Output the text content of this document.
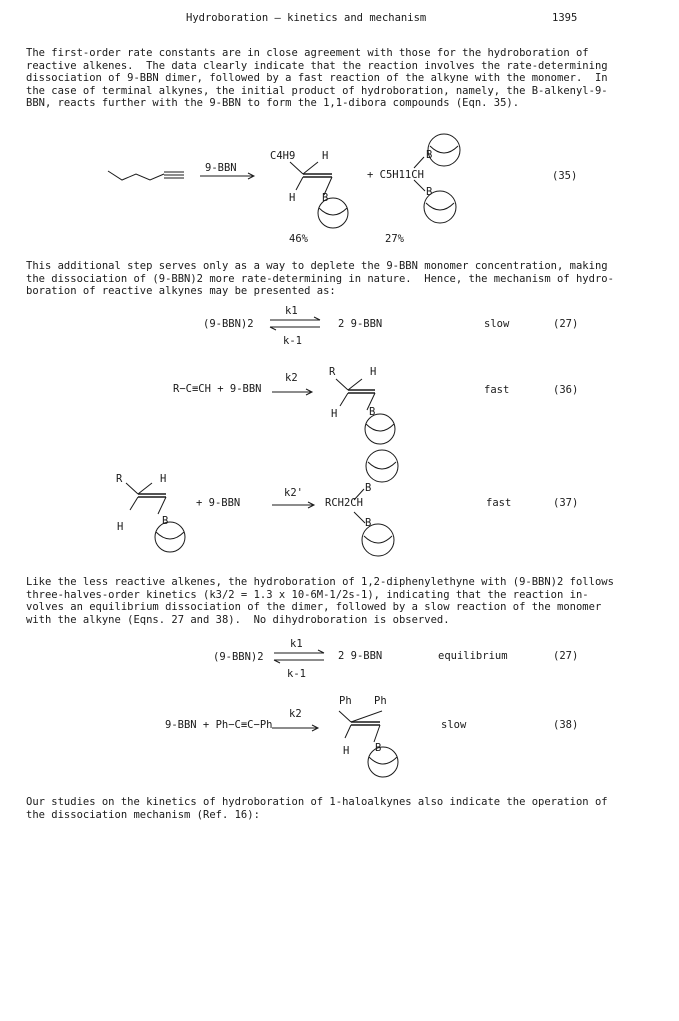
Hydroboration — kinetics and mechanism	1395
The first-order rate constants are in close agreement with those for the hydroboration of
reactive alkenes.  The data clearly indicate that the reaction involves the rate-determining
dissociation of 9-BBN dimer, followed by a fast reaction of the alkyne with the monomer.  In
the case of terminal alkynes, the initial product of hydroboration, namely, the B-alkenyl-9-
BBN, reacts further with the 9-BBN to form the 1,1-dibora compounds (Eqn. 35).
9-BBN
C4H9	H
H	B
+ C5H11CH
B
B
(35)
46%	27%
This additional step serves only as a way to deplete the 9-BBN monomer concentration, making
the dissociation of (9-BBN)2 more rate-determining in nature.  Hence, the mechanism of hydro-
boration of reactive alkynes may be presented as:
(9-BBN)2
k1
k-1
2 9-BBN	slow	(27)
R−C≡CH + 9-BBN
k2	R	H
H	B
fast	(36)
R	H
H	B
+ 9-BBN
k2'
RCH2CH
B
B
fast	(37)
Like the less reactive alkenes, the hydroboration of 1,2-diphenylethyne with (9-BBN)2 follows
three-halves-order kinetics (k3/2 = 1.3 x 10-6M-1/2s-1), indicating that the reaction in-
volves an equilibrium dissociation of the dimer, followed by a slow reaction of the monomer
with the alkyne (Eqns. 27 and 38).  No dihydroboration is observed.
(9-BBN)2
k1
k-1
2 9-BBN	equilibrium	(27)
9-BBN + Ph−C≡C−Ph
k2
Ph Ph
H B
slow	(38)
Our studies on the kinetics of hydroboration of 1-haloalkynes also indicate the operation of
the dissociation mechanism (Ref. 16):
